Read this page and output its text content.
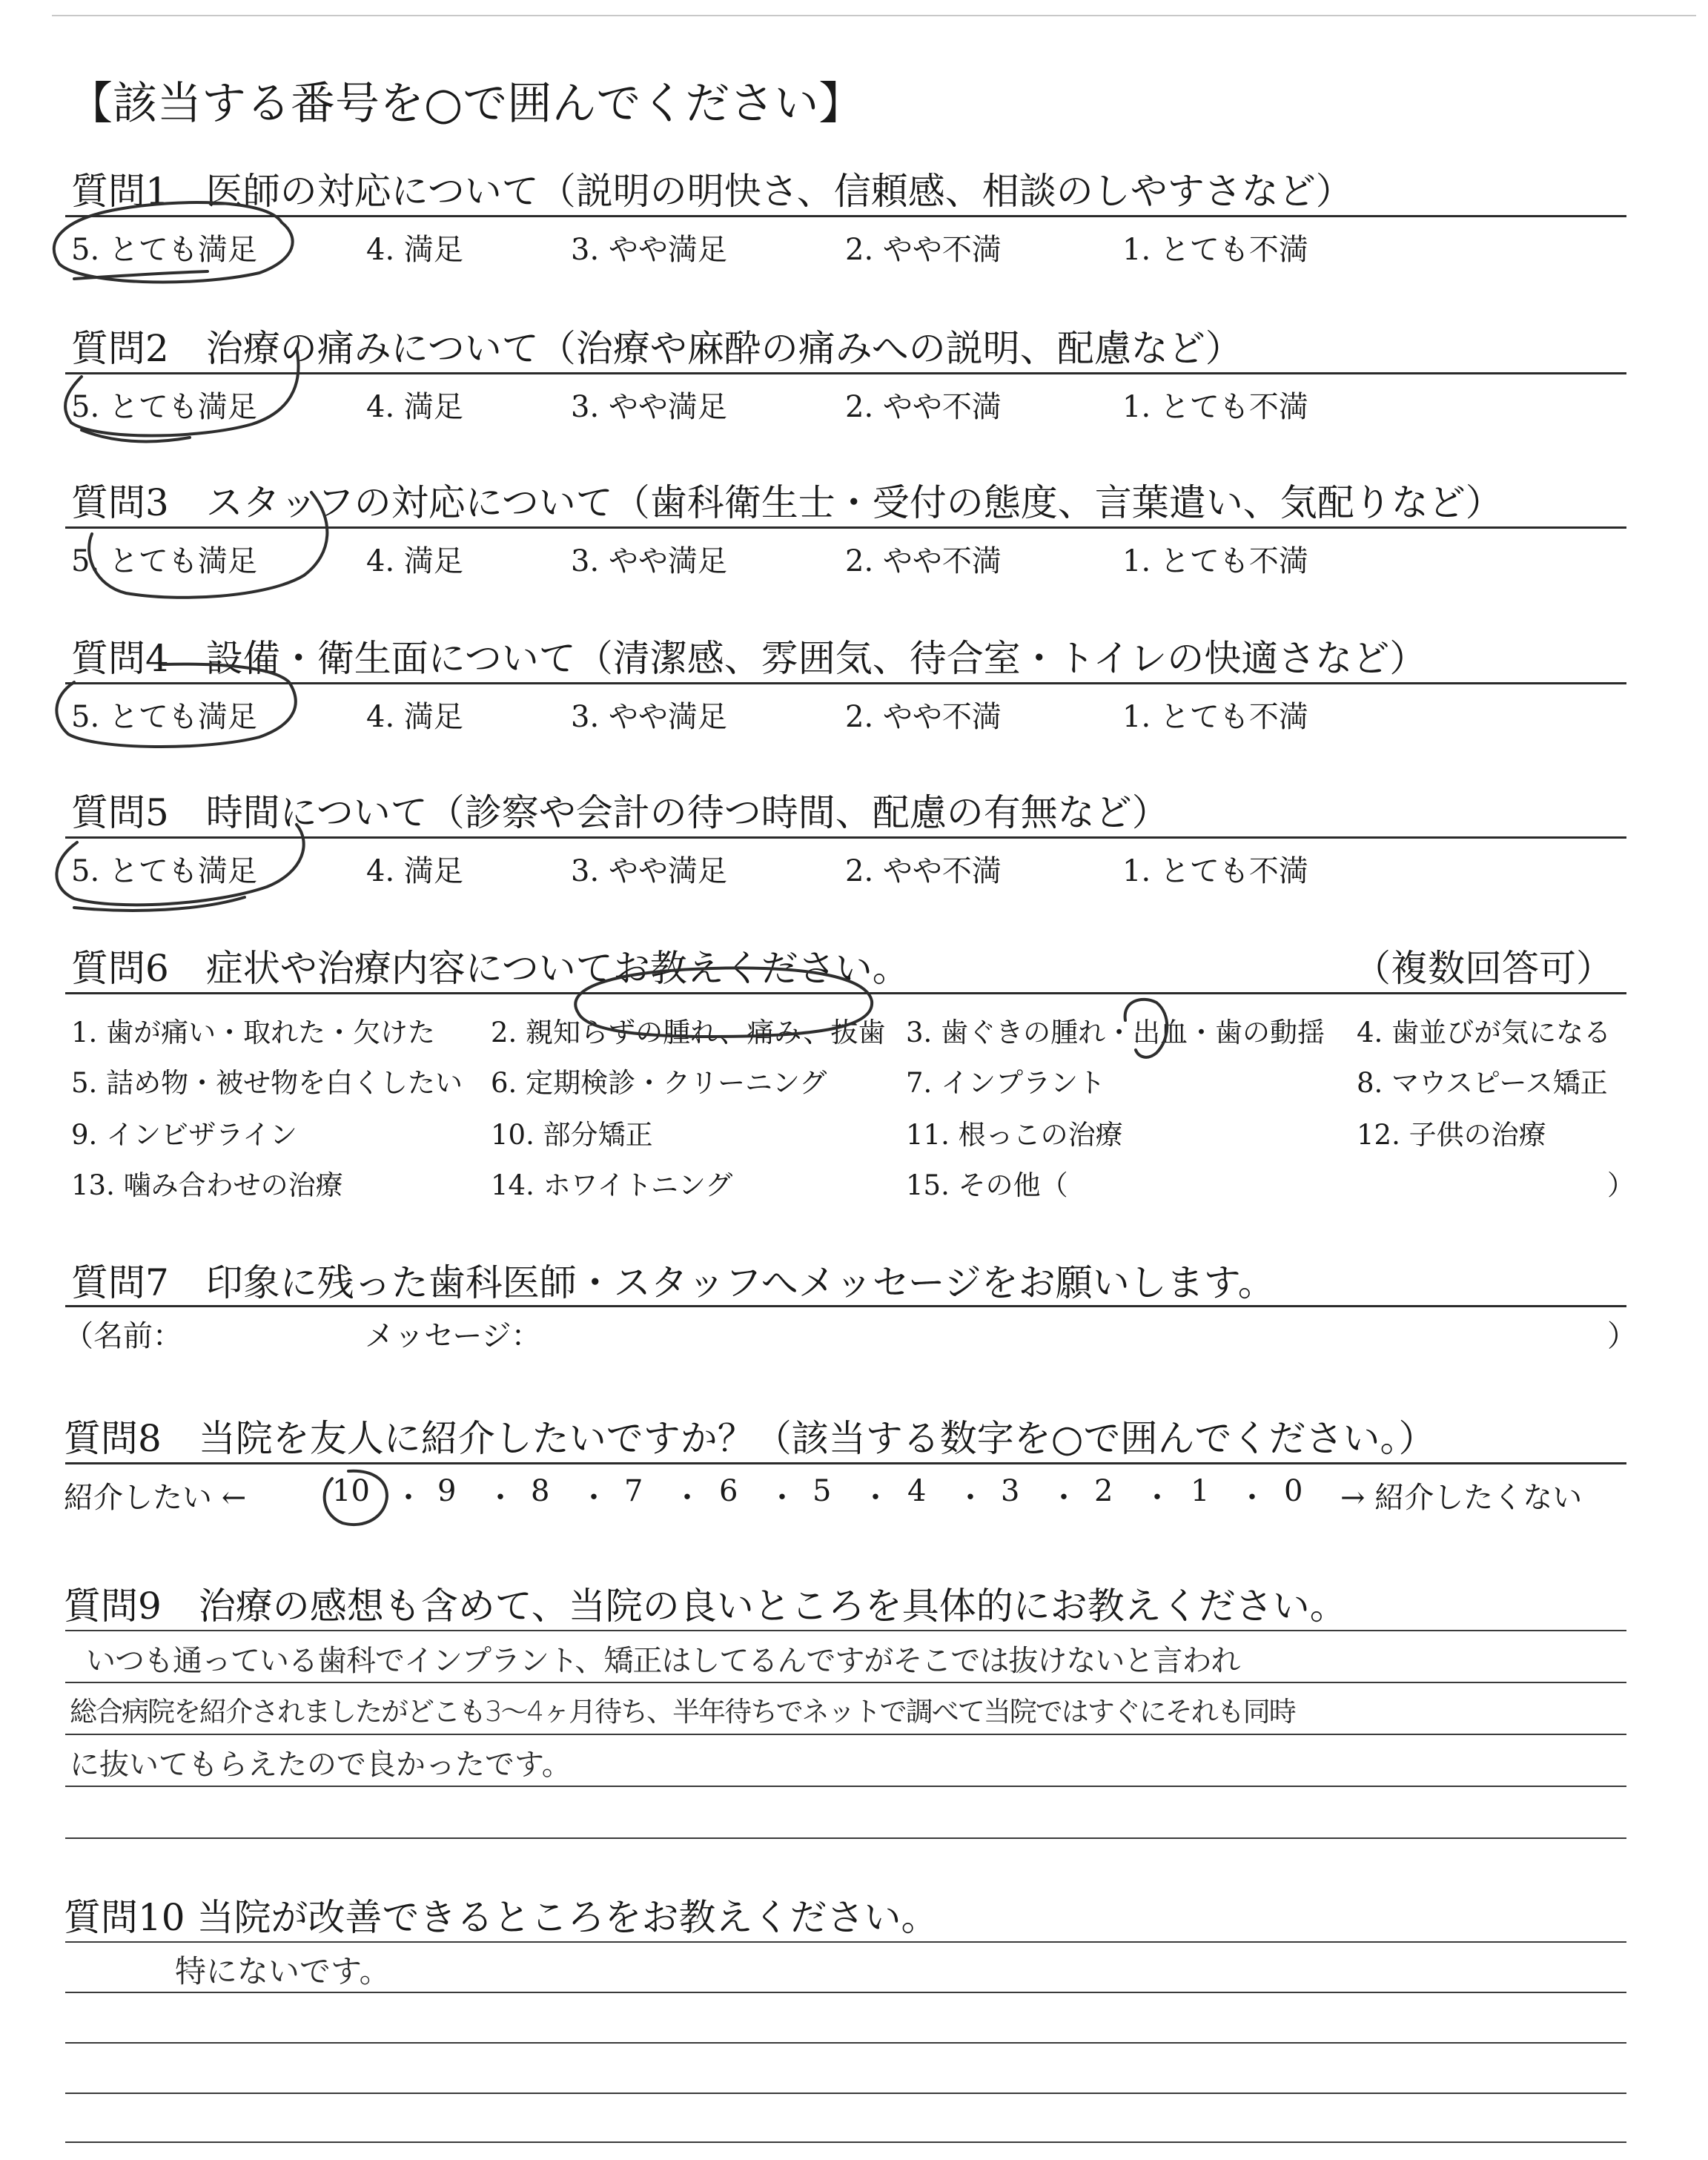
【該当する番号を○で囲んでください】
質問1　医師の対応について（説明の明快さ、信頼感、相談のしやすさなど）
5. とても満足	4. 満足	3. やや満足	2. やや不満	1. とても不満
質問2　治療の痛みについて（治療や麻酔の痛みへの説明、配慮など）
5. とても満足	4. 満足	3. やや満足	2. やや不満	1. とても不満
質問3　スタッフの対応について（歯科衛生士・受付の態度、言葉遣い、気配りなど）
5. とても満足	4. 満足	3. やや満足	2. やや不満	1. とても不満
質問4　設備・衛生面について（清潔感、雰囲気、待合室・トイレの快適さなど）
5. とても満足	4. 満足	3. やや満足	2. やや不満	1. とても不満
質問5　時間について（診察や会計の待つ時間、配慮の有無など）
5. とても満足	4. 満足	3. やや満足	2. やや不満	1. とても不満
質問6　症状や治療内容についてお教えください。	（複数回答可）
1. 歯が痛い・取れた・欠けた 2. 親知らずの腫れ、痛み、抜歯 3. 歯ぐきの腫れ・出血・歯の動揺 4. 歯並びが気になる
5. 詰め物・被せ物を白くしたい 6. 定期検診・クリーニング	7. インプラント	8. マウスピース矯正
9. インビザライン	10. 部分矯正	11. 根っこの治療	12. 子供の治療
13. 噛み合わせの治療	14. ホワイトニング	15. その他（	）
質問7　印象に残った歯科医師・スタッフへメッセージをお願いします。
（名前：	メッセージ：	）
質問8　当院を友人に紹介したいですか？（該当する数字を○で囲んでください。）
紹介したい ←	10 ・ 9 ・ 8 ・ 7 ・ 6 ・ 5 ・ 4 ・ 3 ・ 2 ・ 1 ・ 0 → 紹介したくない
質問9　治療の感想も含めて、当院の良いところを具体的にお教えください。
いつも通っている歯科でインプラント、矯正はしてるんですがそこでは抜けないと言われ
総合病院を紹介されましたがどこも3〜4ヶ月待ち、半年待ちでネットで調べて当院ではすぐにそれも同時
に抜いてもらえたので良かったです。
質問10 当院が改善できるところをお教えください。
特にないです。
